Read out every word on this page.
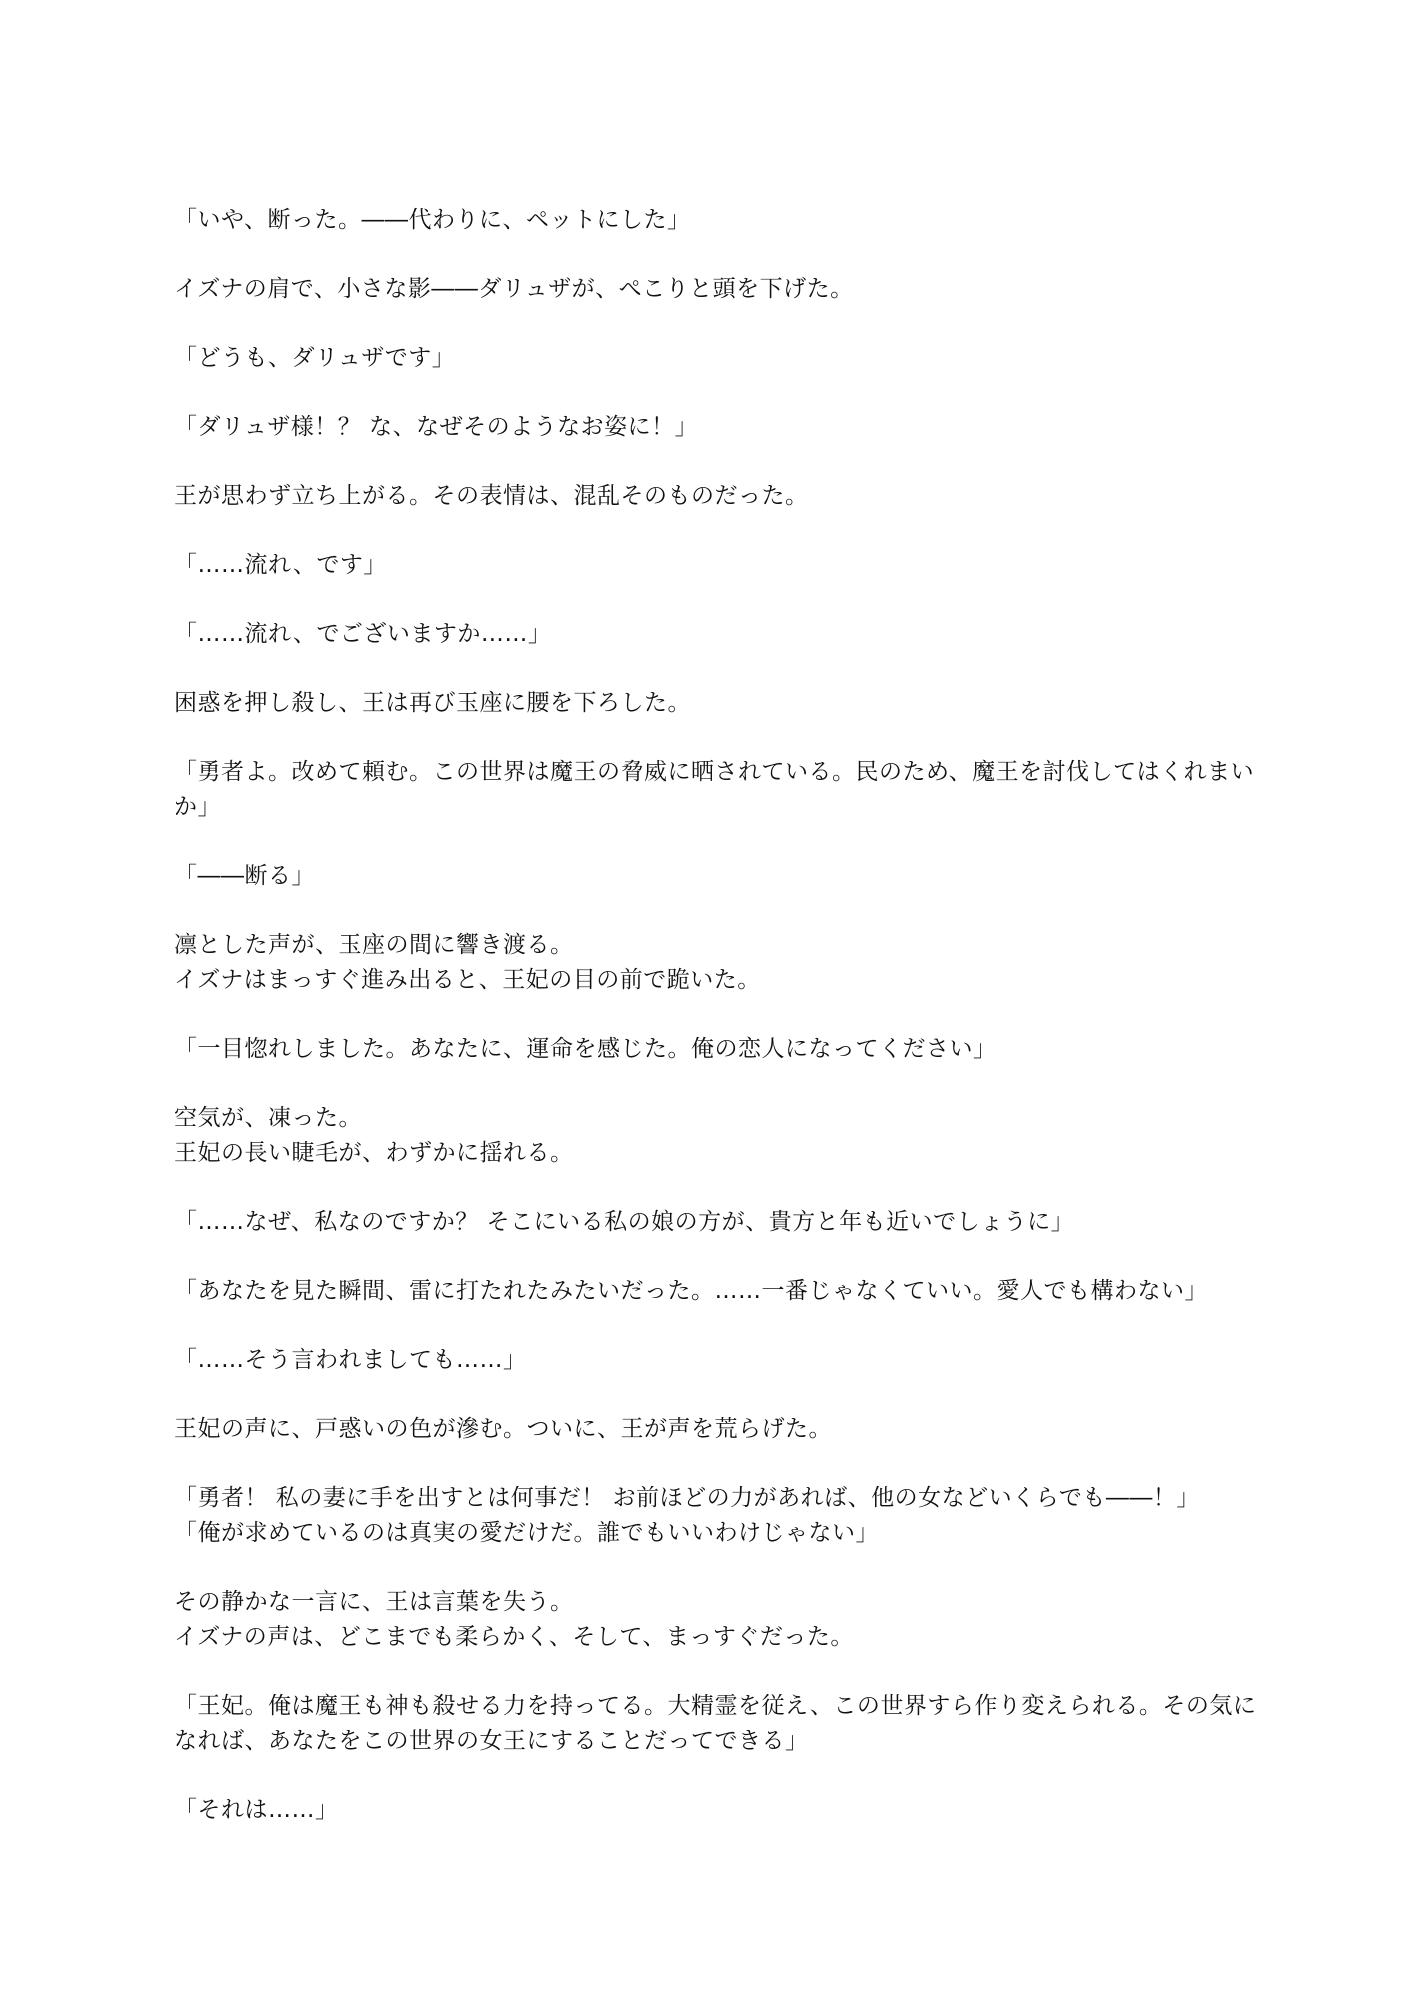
「いや、断った。――代わりに、ペットにした」

イズナの肩で、小さな影――ダリュザが、ぺこりと頭を下げた。

「どうも、ダリュザです」

「ダリュザ様！？ な、なぜそのようなお姿に！」

王が思わず立ち上がる。その表情は、混乱そのものだった。

「……流れ、です」

「……流れ、でございますか……」

困惑を押し殺し、王は再び玉座に腰を下ろした。

「勇者よ。改めて頼む。この世界は魔王の脅威に晒されている。民のため、魔王を討伐してはくれまいか」

「――断る」

凛とした声が、玉座の間に響き渡る。
イズナはまっすぐ進み出ると、王妃の目の前で跪いた。

「一目惚れしました。あなたに、運命を感じた。俺の恋人になってください」

空気が、凍った。
王妃の長い睫毛が、わずかに揺れる。

「……なぜ、私なのですか？ そこにいる私の娘の方が、貴方と年も近いでしょうに」

「あなたを見た瞬間、雷に打たれたみたいだった。……一番じゃなくていい。愛人でも構わない」

「……そう言われましても……」

王妃の声に、戸惑いの色が滲む。ついに、王が声を荒らげた。

「勇者！ 私の妻に手を出すとは何事だ！ お前ほどの力があれば、他の女などいくらでも――！」
「俺が求めているのは真実の愛だけだ。誰でもいいわけじゃない」

その静かな一言に、王は言葉を失う。
イズナの声は、どこまでも柔らかく、そして、まっすぐだった。

「王妃。俺は魔王も神も殺せる力を持ってる。大精霊を従え、この世界すら作り変えられる。その気になれば、あなたをこの世界の女王にすることだってできる」

「それは……」
